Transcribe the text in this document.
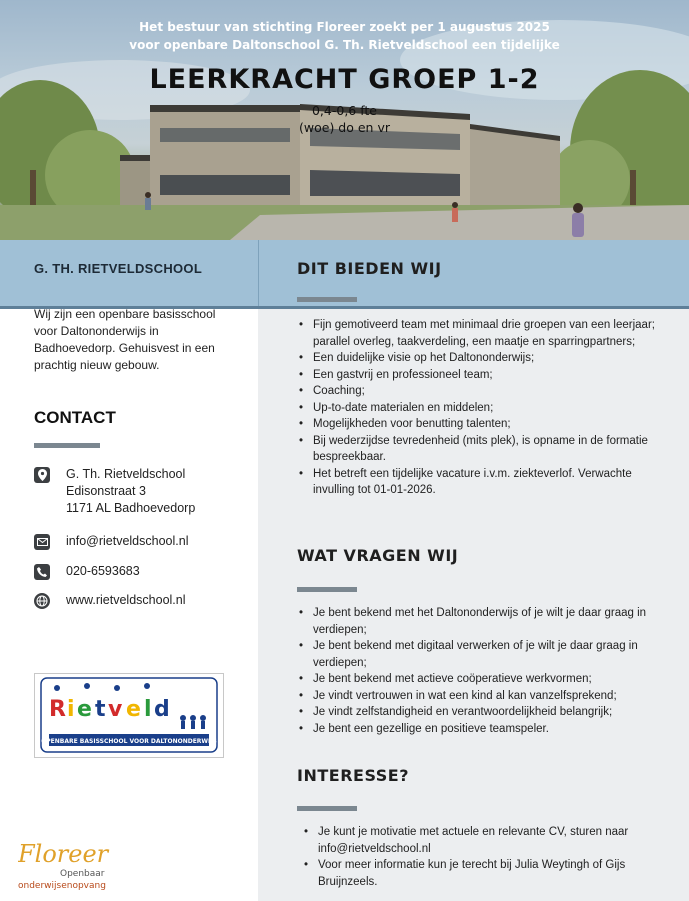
Het bestuur van stichting Floreer zoekt per 1 augustus 2025
voor openbare Daltonschool G. Th. Rietveldschool een tijdelijke
LEERKRACHT GROEP 1-2
0,4-0,6 fte
(woe) do en vr
G. TH. RIETVELDSCHOOL
Wij zijn een openbare basisschool voor Daltononderwijs in Badhoevedorp. Gehuisvest in een prachtig nieuw gebouw.
CONTACT
G. Th. Rietveldschool
Edisonstraat 3
1171 AL Badhoevedorp
info@rietveldschool.nl
020-6593683
www.rietveldschool.nl
R i e t v e l d
OPENBARE BASISSCHOOL VOOR DALTONONDERWIJS
Floreer
Openbaar
onderwijsenopvang
DIT BIEDEN WIJ
• Fijn gemotiveerd team met minimaal drie groepen van een leerjaar; parallel overleg, taakverdeling, een maatje en sparringpartners;
• Een duidelijke visie op het Daltononderwijs;
• Een gastvrij en professioneel team;
• Coaching;
• Up-to-date materialen en middelen;
• Mogelijkheden voor benutting talenten;
• Bij wederzijdse tevredenheid (mits plek), is opname in de formatie bespreekbaar.
• Het betreft een tijdelijke vacature i.v.m. ziekteverlof. Verwachte invulling tot 01-01-2026.
WAT VRAGEN WIJ
• Je bent bekend met het Daltononderwijs of je wilt je daar graag in verdiepen;
• Je bent bekend met digitaal verwerken of je wilt je daar graag in verdiepen;
• Je bent bekend met actieve coöperatieve werkvormen;
• Je vindt vertrouwen in wat een kind al kan vanzelfsprekend;
• Je vindt zelfstandigheid en verantwoordelijkheid belangrijk;
• Je bent een gezellige en positieve teamspeler.
INTERESSE?
• Je kunt je motivatie met actuele en relevante CV, sturen naar info@rietveldschool.nl
• Voor meer informatie kun je terecht bij Julia Weytingh of Gijs Bruijnzeels.
